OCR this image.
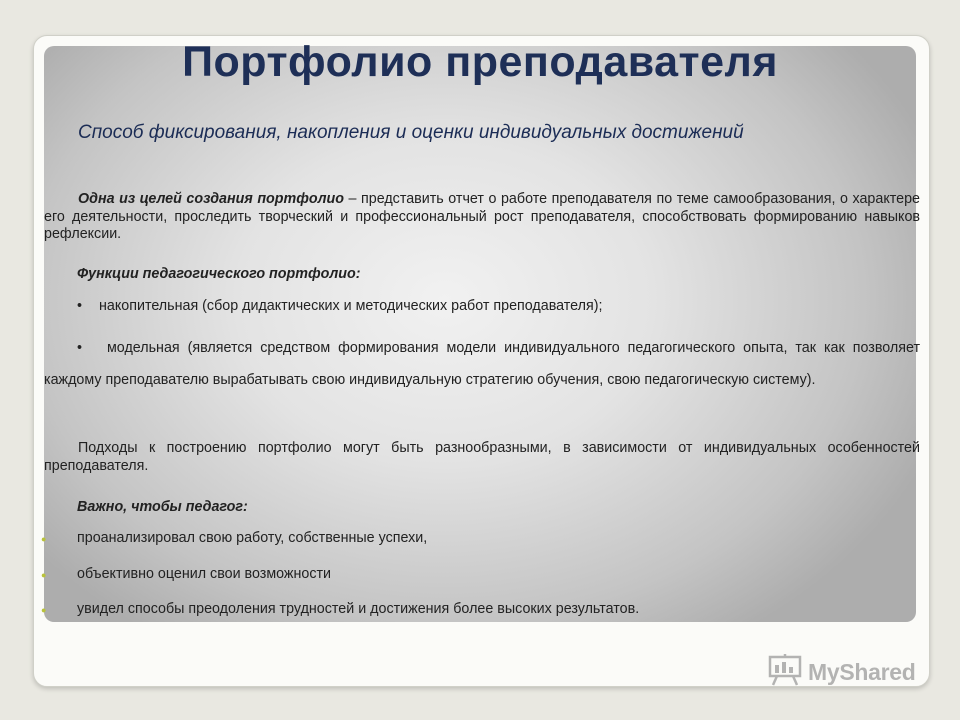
Портфолио преподавателя

Способ фиксирования, накопления и оценки индивидуальных достижений

Одна из целей создания портфолио – представить отчет о работе преподавателя по теме самообразования, о характере его деятельности, проследить творческий и профессиональный рост преподавателя, способствовать формированию навыков рефлексии.

Функции педагогического портфолио:

• накопительная (сбор дидактических и методических работ преподавателя);

• модельная (является средством формирования модели индивидуального педагогического опыта, так как позволяет каждому преподавателю вырабатывать свою индивидуальную стратегию обучения, свою педагогическую систему).

Подходы к построению портфолио могут быть разнообразными, в зависимости от индивидуальных особенностей преподавателя.

Важно, чтобы педагог:

● проанализировал свою работу, собственные успехи,
● объективно оценил свои возможности
● увидел способы преодоления трудностей и достижения более высоких результатов.
MyShared
